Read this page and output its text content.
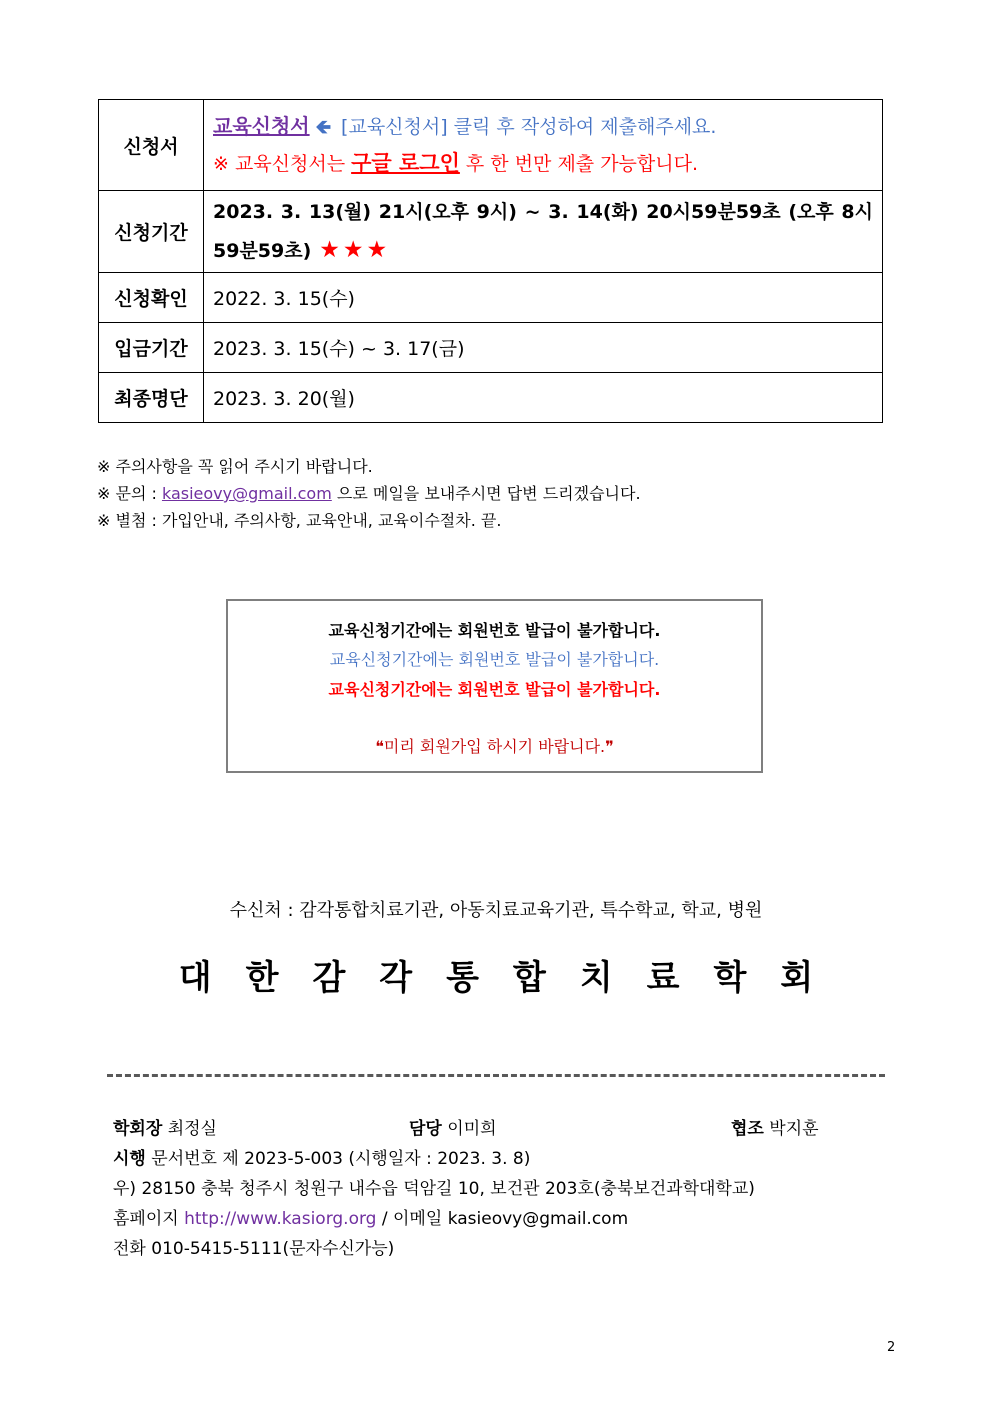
신청서	교육신청서 🡸 [교육신청서] 클릭 후 작성하여 제출해주세요.
※ 교육신청서는 구글 로그인 후 한 번만 제출 가능합니다.

신청기간	2023. 3. 13(월) 21시(오후 9시) ~ 3. 14(화) 20시59분59초 (오후 8시59분59초) ★★★

신청확인	2022. 3. 15(수)
입금기간	2023. 3. 15(수) ~ 3. 17(금)
최종명단	2023. 3. 20(월)
※ 주의사항을 꼭 읽어 주시기 바랍니다.
※ 문의 : kasieovy@gmail.com 으로 메일을 보내주시면 답변 드리겠습니다.
※ 별첨 : 가입안내, 주의사항, 교육안내, 교육이수절차. 끝.
교육신청기간에는 회원번호 발급이 불가합니다.
교육신청기간에는 회원번호 발급이 불가합니다.
교육신청기간에는 회원번호 발급이 불가합니다.
❝미리 회원가입 하시기 바랍니다.❞
수신처 : 감각통합치료기관, 아동치료교육기관, 특수학교, 학교, 병원
대한감각통합치료학회
학회장 최정실	담당 이미희	협조 박지훈
시행 문서번호 제 2023-5-003 (시행일자 : 2023. 3. 8)
우) 28150 충북 청주시 청원구 내수읍 덕암길 10, 보건관 203호(충북보건과학대학교)
홈페이지 http://www.kasiorg.org / 이메일 kasieovy@gmail.com
전화 010-5415-5111(문자수신가능)
2
